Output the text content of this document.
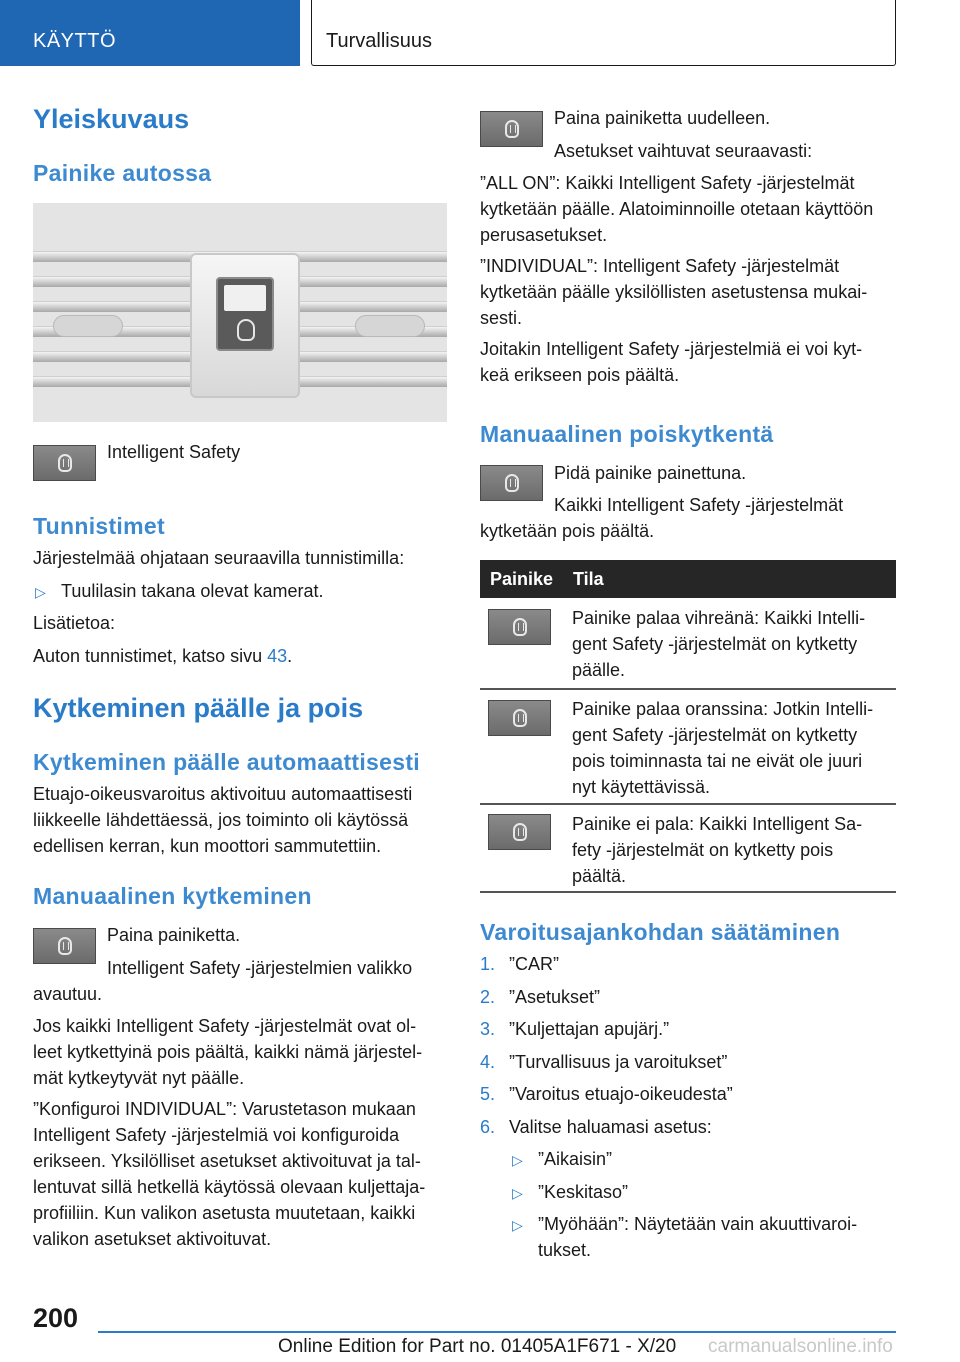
KÄYTTÖ	Turvallisuus
Yleiskuvaus
Painike autossa
Intelligent Safety
Tunnistimet
Järjestelmää ohjataan seuraavilla tunnistimilla:
▷ Tuulilasin takana olevat kamerat.
Lisätietoa:
Auton tunnistimet, katso sivu 43.
Kytkeminen päälle ja pois
Kytkeminen päälle automaattisesti
Etuajo-oikeusvaroitus aktivoituu automaattisesti
liikkeelle lähdettäessä, jos toiminto oli käytössä
edellisen kerran, kun moottori sammutettiin.
Manuaalinen kytkeminen
Paina painiketta.
Intelligent Safety -järjestelmien valikko
avautuu.
Jos kaikki Intelligent Safety -järjestelmät ovat ol-
leet kytkettyinä pois päältä, kaikki nämä järjestel-
mät kytkeytyvät nyt päälle.
”Konfiguroi INDIVIDUAL”: Varustetason mukaan
Intelligent Safety -järjestelmiä voi konfiguroida
erikseen. Yksilölliset asetukset aktivoituvat ja tal-
lentuvat sillä hetkellä käytössä olevaan kuljettaja-
profiiliin. Kun valikon asetusta muutetaan, kaikki
valikon asetukset aktivoituvat.
Paina painiketta uudelleen.
Asetukset vaihtuvat seuraavasti:
”ALL ON”: Kaikki Intelligent Safety -järjestelmät
kytketään päälle. Alatoiminnoille otetaan käyttöön
perusasetukset.
”INDIVIDUAL”: Intelligent Safety -järjestelmät
kytketään päälle yksilöllisten asetustensa mukai-
sesti.
Joitakin Intelligent Safety -järjestelmiä ei voi kyt-
keä erikseen pois päältä.
Manuaalinen poiskytkentä
Pidä painike painettuna.
Kaikki Intelligent Safety -järjestelmät
kytketään pois päältä.
Painike Tila
Painike palaa vihreänä: Kaikki Intelli-
gent Safety -järjestelmät on kytketty
päälle.
Painike palaa oranssina: Jotkin Intelli-
gent Safety -järjestelmät on kytketty
pois toiminnasta tai ne eivät ole juuri
nyt käytettävissä.
Painike ei pala: Kaikki Intelligent Sa-
fety -järjestelmät on kytketty pois
päältä.
Varoitusajankohdan säätäminen
1. ”CAR”
2. ”Asetukset”
3. ”Kuljettajan apujärj.”
4. ”Turvallisuus ja varoitukset”
5. ”Varoitus etuajo-oikeudesta”
6. Valitse haluamasi asetus:
▷ ”Aikaisin”
▷ ”Keskitaso”
▷ ”Myöhään”: Näytetään vain akuuttivaroi-
tukset.
200
Online Edition for Part no. 01405A1F671 - X/20 carmanualsonline.info
